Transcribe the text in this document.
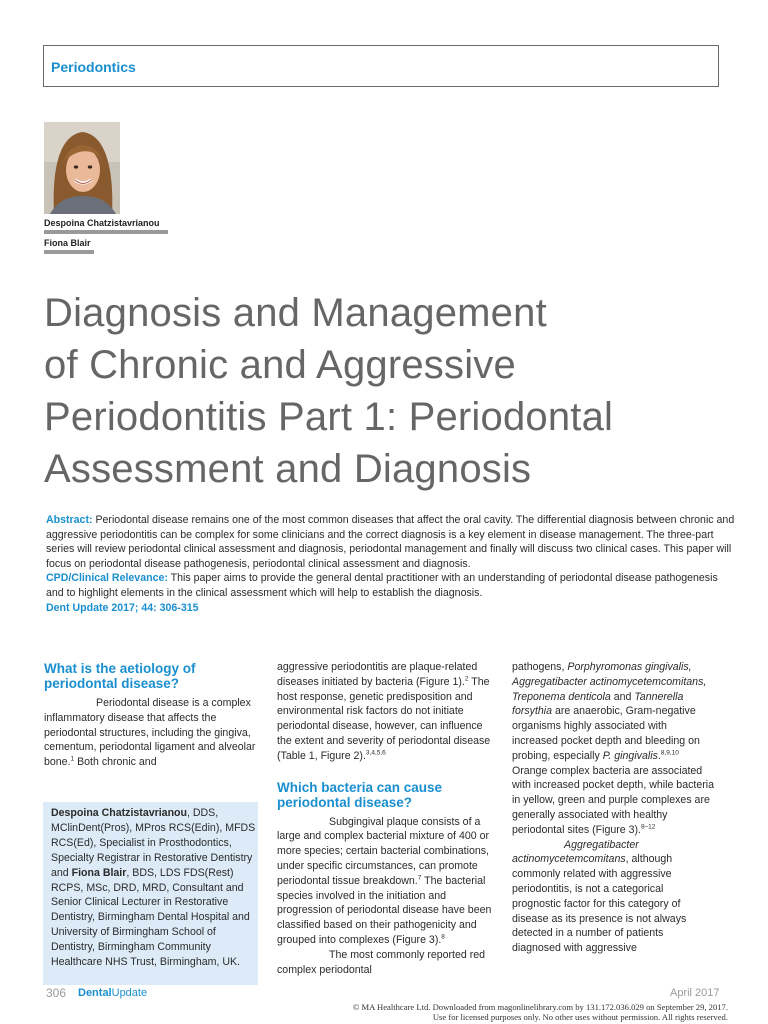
Periodontics
Despoina Chatzistavrianou
Fiona Blair
Diagnosis and Management
of Chronic and Aggressive
Periodontitis Part 1: Periodontal
Assessment and Diagnosis
Abstract: Periodontal disease remains one of the most common diseases that affect the oral cavity. The differential diagnosis between chronic and aggressive periodontitis can be complex for some clinicians and the correct diagnosis is a key element in disease management. The three-part series will review periodontal clinical assessment and diagnosis, periodontal management and finally will discuss two clinical cases. This paper will focus on periodontal disease pathogenesis, periodontal clinical assessment and diagnosis.
CPD/Clinical Relevance: This paper aims to provide the general dental practitioner with an understanding of periodontal disease pathogenesis and to highlight elements in the clinical assessment which will help to establish the diagnosis.
Dent Update 2017; 44: 306-315
What is the aetiology of
periodontal disease?

Periodontal disease is a complex inflammatory disease that affects the periodontal structures, including the gingiva, cementum, periodontal ligament and alveolar bone.$^1$ Both chronic and

Despoina Chatzistavrianou, DDS, MClinDent(Pros), MPros RCS(Edin), MFDS RCS(Ed), Specialist in Prosthodontics, Specialty Registrar in Restorative Dentistry and Fiona Blair, BDS, LDS FDS(Rest) RCPS, MSc, DRD, MRD, Consultant and Senior Clinical Lecturer in Restorative Dentistry, Birmingham Dental Hospital and University of Birmingham School of Dentistry, Birmingham Community Healthcare NHS Trust, Birmingham, UK.

aggressive periodontitis are plaque-related diseases initiated by bacteria (Figure 1).$^2$ The host response, genetic predisposition and environmental risk factors do not initiate periodontal disease, however, can influence the extent and severity of periodontal disease (Table 1, Figure 2).$^{3,4,5,6}$

Which bacteria can cause
periodontal disease?

Subgingival plaque consists of a large and complex bacterial mixture of 400 or more species; certain bacterial combinations, under specific circumstances, can promote periodontal tissue breakdown.$^7$ The bacterial species involved in the initiation and progression of periodontal disease have been classified based on their pathogenicity and grouped into complexes (Figure 3).$^8$

The most commonly reported red complex periodontal

pathogens, Porphyromonas gingivalis, Aggregatibacter actinomycetemcomitans, Treponema denticola and Tannerella forsythia are anaerobic, Gram-negative organisms highly associated with increased pocket depth and bleeding on probing, especially P. gingivalis.$^{8,9,10}$ Orange complex bacteria are associated with increased pocket depth, while bacteria in yellow, green and purple complexes are generally associated with healthy periodontal sites (Figure 3).$^{8-12}$

Aggregatibacter actinomycetemcomitans, although commonly related with aggressive periodontitis, is not a categorical prognostic factor for this category of disease as its presence is not always detected in a number of patients diagnosed with aggressive

306 DentalUpdate	April 2017
© MA Healthcare Ltd. Downloaded from magonlinelibrary.com by 131.172.036.029 on September 29, 2017.
Use for licensed purposes only. No other uses without permission. All rights reserved.
